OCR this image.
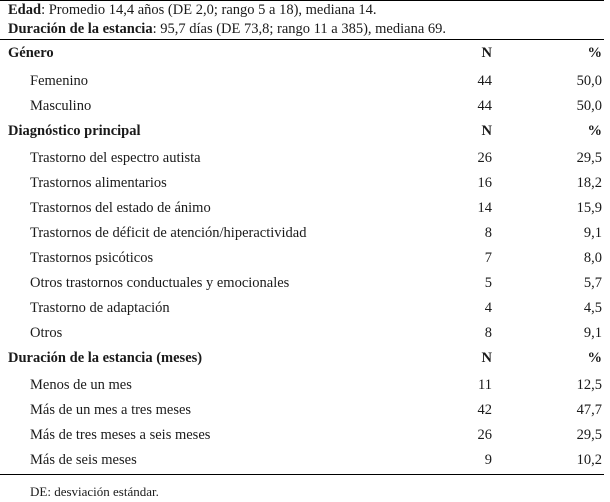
Edad: Promedio 14,4 años (DE 2,0; rango 5 a 18), mediana 14.
Duración de la estancia: 95,7 días (DE 73,8; rango 11 a 385), mediana 69.
Género	N	%
Femenino	44	50,0
Masculino	44	50,0
Diagnóstico principal	N	%
Trastorno del espectro autista	26	29,5
Trastornos alimentarios	16	18,2
Trastornos del estado de ánimo	14	15,9
Trastornos de déficit de atención/hiperactividad	8	9,1
Trastornos psicóticos	7	8,0
Otros trastornos conductuales y emocionales	5	5,7
Trastorno de adaptación	4	4,5
Otros	8	9,1
Duración de la estancia (meses)	N	%
Menos de un mes	11	12,5
Más de un mes a tres meses	42	47,7
Más de tres meses a seis meses	26	29,5
Más de seis meses	9	10,2
DE: desviación estándar.
